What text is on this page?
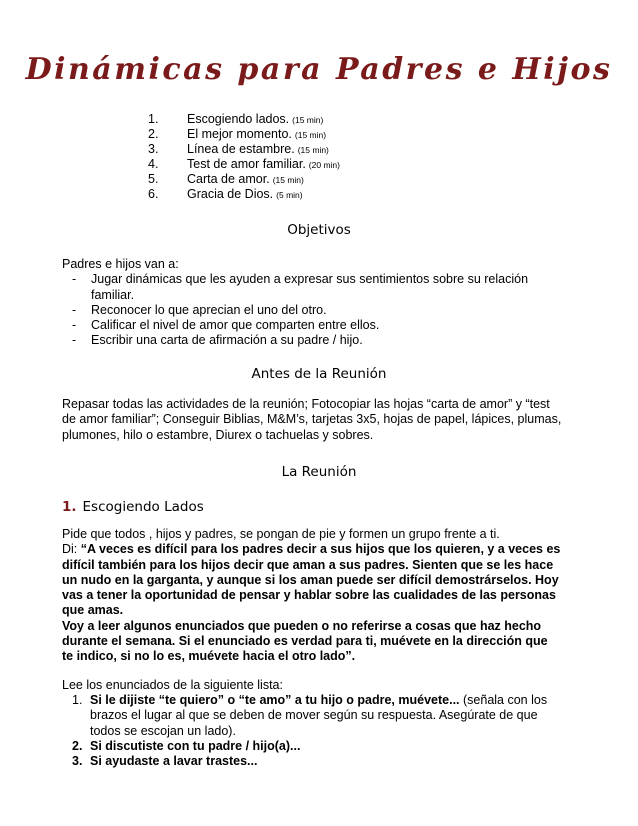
Dinámicas para Padres e Hijos
1. Escogiendo lados. (15 min)
2. El mejor momento. (15 min)
3. Línea de estambre. (15 min)
4. Test de amor familiar. (20 min)
5. Carta de amor. (15 min)
6. Gracia de Dios. (5 min)
Objetivos
Padres e hijos van a:
- Jugar dinámicas que les ayuden a expresar sus sentimientos sobre su relación familiar.
- Reconocer lo que aprecian el uno del otro.
- Calificar el nivel de amor que comparten entre ellos.
- Escribir una carta de afirmación a su padre / hijo.
Antes de la Reunión
Repasar todas las actividades de la reunión; Fotocopiar las hojas “carta de amor” y “test de amor familiar”; Conseguir Biblias, M&M’s, tarjetas 3x5, hojas de papel, lápices, plumas, plumones, hilo o estambre, Diurex o tachuelas y sobres.
La Reunión
1. Escogiendo Lados
Pide que todos , hijos y padres, se pongan de pie y formen un grupo frente a ti.
Di: “A veces es difícil para los padres decir a sus hijos que los quieren, y a veces es difícil también para los hijos decir que aman a sus padres. Sienten que se les hace un nudo en la garganta, y aunque si los aman puede ser difícil demostrárselos. Hoy vas a tener la oportunidad de pensar y hablar sobre las cualidades de las personas que amas.
Voy a leer algunos enunciados que pueden o no referirse a cosas que haz hecho durante el semana. Si el enunciado es verdad para ti, muévete en la dirección que te indico, si no lo es, muévete hacia el otro lado”.
Lee los enunciados de la siguiente lista:
1. Si le dijiste “te quiero” o “te amo” a tu hijo o padre, muévete... (señala con los brazos el lugar al que se deben de mover según su respuesta. Asegúrate de que todos se escojan un lado).
2. Si discutiste con tu padre / hijo(a)...
3. Si ayudaste a lavar trastes...
